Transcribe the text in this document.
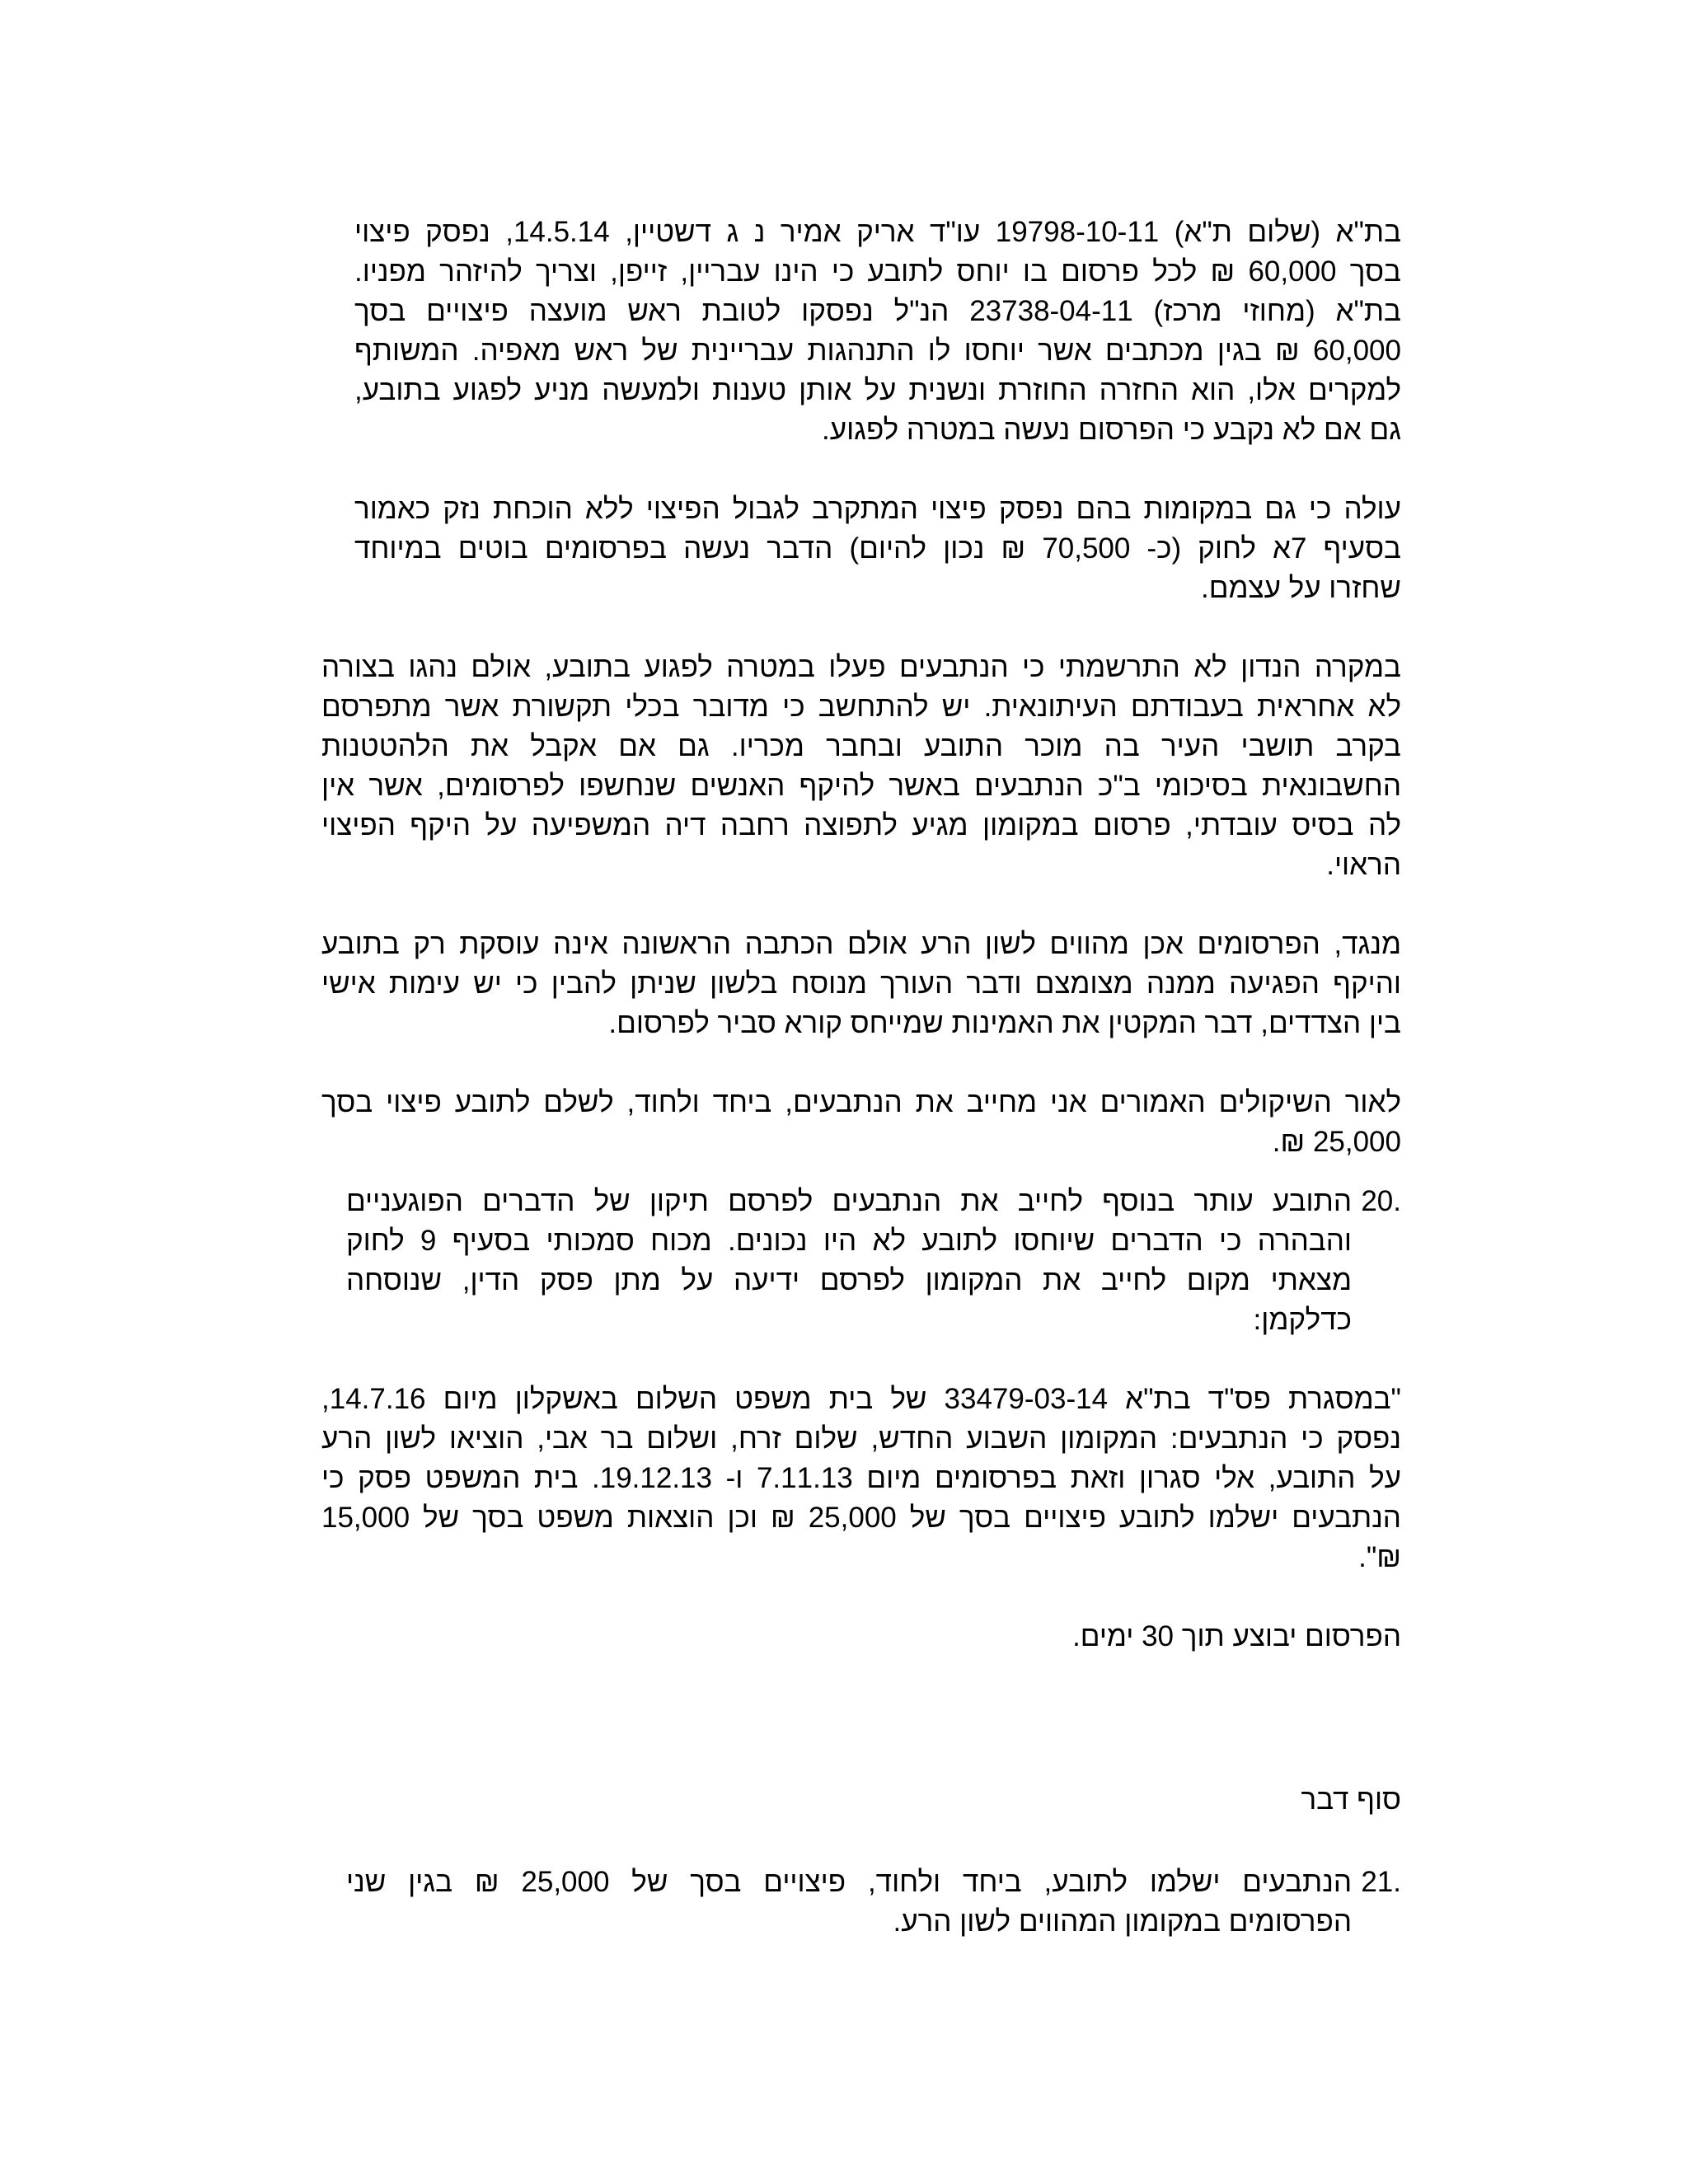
בת"א (שלום ת"א) 19798-10-11 עו"ד אריק אמיר נ ג דשטיין, 14.5.14, נפסק פיצוי
בסך 60,000 ₪ לכל פרסום בו יוחס לתובע כי הינו עבריין, זייפן, וצריך להיזהר מפניו.
בת"א (מחוזי מרכז) 23738-04-11 הנ"ל נפסקו לטובת ראש מועצה פיצויים בסך
60,000 ₪ בגין מכתבים אשר יוחסו לו התנהגות עבריינית של ראש מאפיה. המשותף
למקרים אלו, הוא החזרה החוזרת ונשנית על אותן טענות ולמעשה מניע לפגוע בתובע,
גם אם לא נקבע כי הפרסום נעשה במטרה לפגוע.
עולה כי גם במקומות בהם נפסק פיצוי המתקרב לגבול הפיצוי ללא הוכחת נזק כאמור
בסעיף 7א לחוק (כ- 70,500 ₪ נכון להיום) הדבר נעשה בפרסומים בוטים במיוחד
שחזרו על עצמם.
במקרה הנדון לא התרשמתי כי הנתבעים פעלו במטרה לפגוע בתובע, אולם נהגו בצורה
לא אחראית בעבודתם העיתונאית. יש להתחשב כי מדובר בכלי תקשורת אשר מתפרסם
בקרב תושבי העיר בה מוכר התובע ובחבר מכריו. גם אם אקבל את הלהטטנות
החשבונאית בסיכומי ב"כ הנתבעים באשר להיקף האנשים שנחשפו לפרסומים, אשר אין
לה בסיס עובדתי, פרסום במקומון מגיע לתפוצה רחבה דיה המשפיעה על היקף הפיצוי
הראוי.
מנגד, הפרסומים אכן מהווים לשון הרע אולם הכתבה הראשונה אינה עוסקת רק בתובע
והיקף הפגיעה ממנה מצומצם ודבר העורך מנוסח בלשון שניתן להבין כי יש עימות אישי
בין הצדדים, דבר המקטין את האמינות שמייחס קורא סביר לפרסום.
לאור השיקולים האמורים אני מחייב את הנתבעים, ביחד ולחוד, לשלם לתובע פיצוי בסך
25,000 ₪.
20.
התובע עותר בנוסף לחייב את הנתבעים לפרסם תיקון של הדברים הפוגעניים
והבהרה כי הדברים שיוחסו לתובע לא היו נכונים. מכוח סמכותי בסעיף 9 לחוק
מצאתי מקום לחייב את המקומון לפרסם ידיעה על מתן פסק הדין, שנוסחה
כדלקמן:
"במסגרת פס"ד בת"א 33479-03-14 של בית משפט השלום באשקלון מיום 14.7.16,
נפסק כי הנתבעים: המקומון השבוע החדש, שלום זרח, ושלום בר אבי, הוציאו לשון הרע
על התובע, אלי סגרון וזאת בפרסומים מיום 7.11.13 ו- 19.12.13. בית המשפט פסק כי
הנתבעים ישלמו לתובע פיצויים בסך של 25,000 ₪ וכן הוצאות משפט בסך של 15,000
₪".
הפרסום יבוצע תוך 30 ימים.
סוף דבר
21.
הנתבעים ישלמו לתובע, ביחד ולחוד, פיצויים בסך של 25,000 ₪ בגין שני
הפרסומים במקומון המהווים לשון הרע.
